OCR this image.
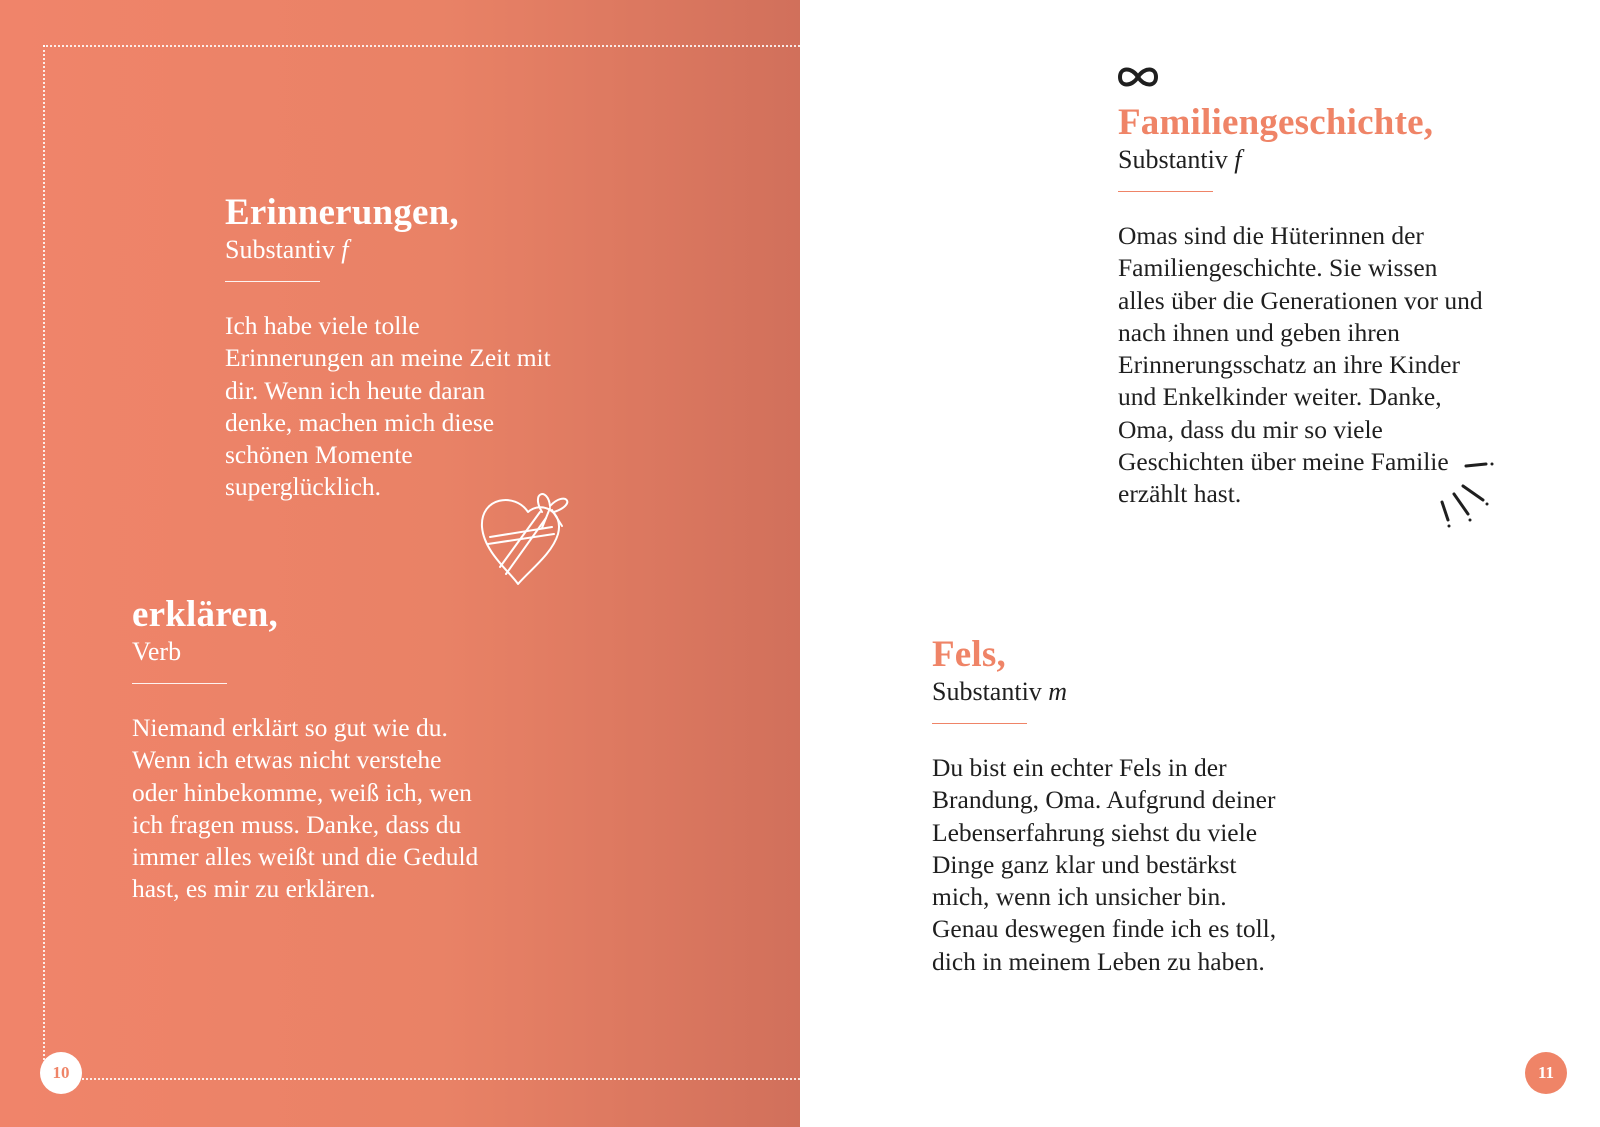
Erinnerungen,
Substantiv f

Ich habe viele tolle Erinnerungen an meine Zeit mit dir. Wenn ich heute daran denke, machen mich diese schönen Momente superglücklich.

erklären,
Verb

Niemand erklärt so gut wie du. Wenn ich etwas nicht verstehe oder hinbekomme, weiß ich, wen ich fragen muss. Danke, dass du immer alles weißt und die Geduld hast, es mir zu erklären.

10
Familiengeschichte,
Substantiv f

Omas sind die Hüterinnen der Familiengeschichte. Sie wissen alles über die Generationen vor und nach ihnen und geben ihren Erinnerungsschatz an ihre Kinder und Enkelkinder weiter. Danke, Oma, dass du mir so viele Geschichten über meine Familie erzählt hast.

Fels,
Substantiv m

Du bist ein echter Fels in der Brandung, Oma. Aufgrund deiner Lebenserfahrung siehst du viele Dinge ganz klar und bestärkst mich, wenn ich unsicher bin. Genau deswegen finde ich es toll, dich in meinem Leben zu haben.

11
